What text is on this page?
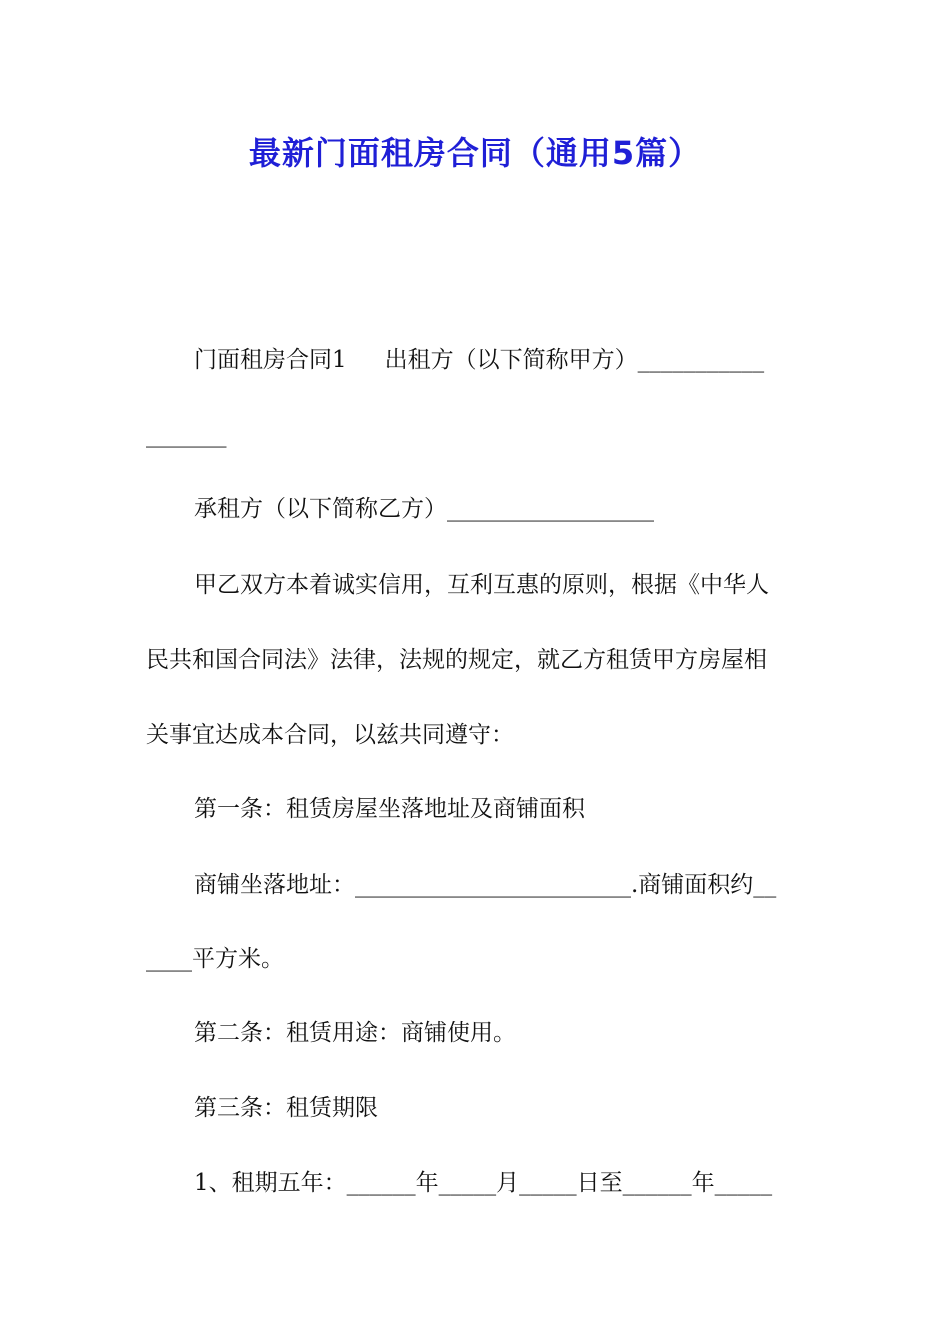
最新门面租房合同（通用5篇）
门面租房合同1 出租方（以下简称甲方）___________
_______
承租方（以下简称乙方）__________________
甲乙双方本着诚实信用，互利互惠的原则，根据《中华人
民共和国合同法》法律，法规的规定，就乙方租赁甲方房屋相
关事宜达成本合同，以兹共同遵守：
第一条：租赁房屋坐落地址及商铺面积
商铺坐落地址：________________________.商铺面积约__
____平方米。
第二条：租赁用途：商铺使用。
第三条：租赁期限
1、租期五年：______年_____月_____日至______年_____
